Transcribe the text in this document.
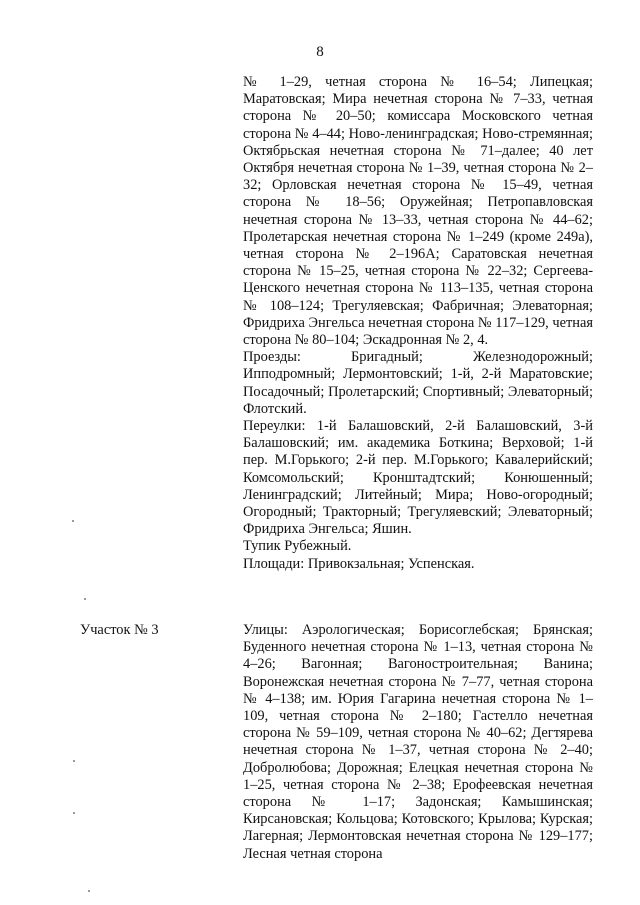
8

№ 1–29, четная сторона № 16–54; Липецкая; Маратовская; Мира нечетная сторона № 7–33, четная сторона № 20–50; комиссара Московского четная сторона № 4–44; Ново-ленинградская; Ново-стремянная; Октябрьская нечетная сторона № 71–далее; 40 лет Октября нечетная сторона № 1–39, четная сторона № 2–32; Орловская нечетная сторона № 15–49, четная сторона № 18–56; Оружейная; Петропавловская нечетная сторона № 13–33, четная сторона № 44–62; Пролетарская нечетная сторона № 1–249 (кроме 249а), четная сторона № 2–196А; Саратовская нечетная сторона № 15–25, четная сторона № 22–32; Сергеева-Ценского нечетная сторона № 113–135, четная сторона № 108–124; Трегуляевская; Фабричная; Элеваторная; Фридриха Энгельса нечетная сторона № 117–129, четная сторона № 80–104; Эскадронная № 2, 4.

Проезды: Бригадный; Железнодорожный; Ипподромный; Лермонтовский; 1-й, 2-й Маратовские; Посадочный; Пролетарский; Спортивный; Элеваторный; Флотский.

Переулки: 1-й Балашовский, 2-й Балашовский, 3-й Балашовский; им. академика Боткина; Верховой; 1-й пер. М.Горького; 2-й пер. М.Горького; Кавалерийский; Комсомольский; Кронштадтский; Конюшенный; Ленинградский; Литейный; Мира; Ново-огородный; Огородный; Тракторный; Трегуляевский; Элеваторный; Фридриха Энгельса; Яшин.

Тупик Рубежный.

Площади: Привокзальная; Успенская.

Участок № 3	Улицы: Аэрологическая; Борисоглебская; Брянская; Буденного нечетная сторона № 1–13, четная сторона № 4–26; Вагонная; Вагоностроительная; Ванина; Воронежская нечетная сторона № 7–77, четная сторона № 4–138; им. Юрия Гагарина нечетная сторона № 1–109, четная сторона № 2–180; Гастелло нечетная сторона № 59–109, четная сторона № 40–62; Дегтярева нечетная сторона № 1–37, четная сторона № 2–40; Добролюбова; Дорожная; Елецкая нечетная сторона № 1–25, четная сторона № 2–38; Ерофеевская нечетная сторона № 1–17; Задонская; Камышинская; Кирсановская; Кольцова; Котовского; Крылова; Курская; Лагерная; Лермонтовская нечетная сторона № 129–177; Лесная четная сторона
